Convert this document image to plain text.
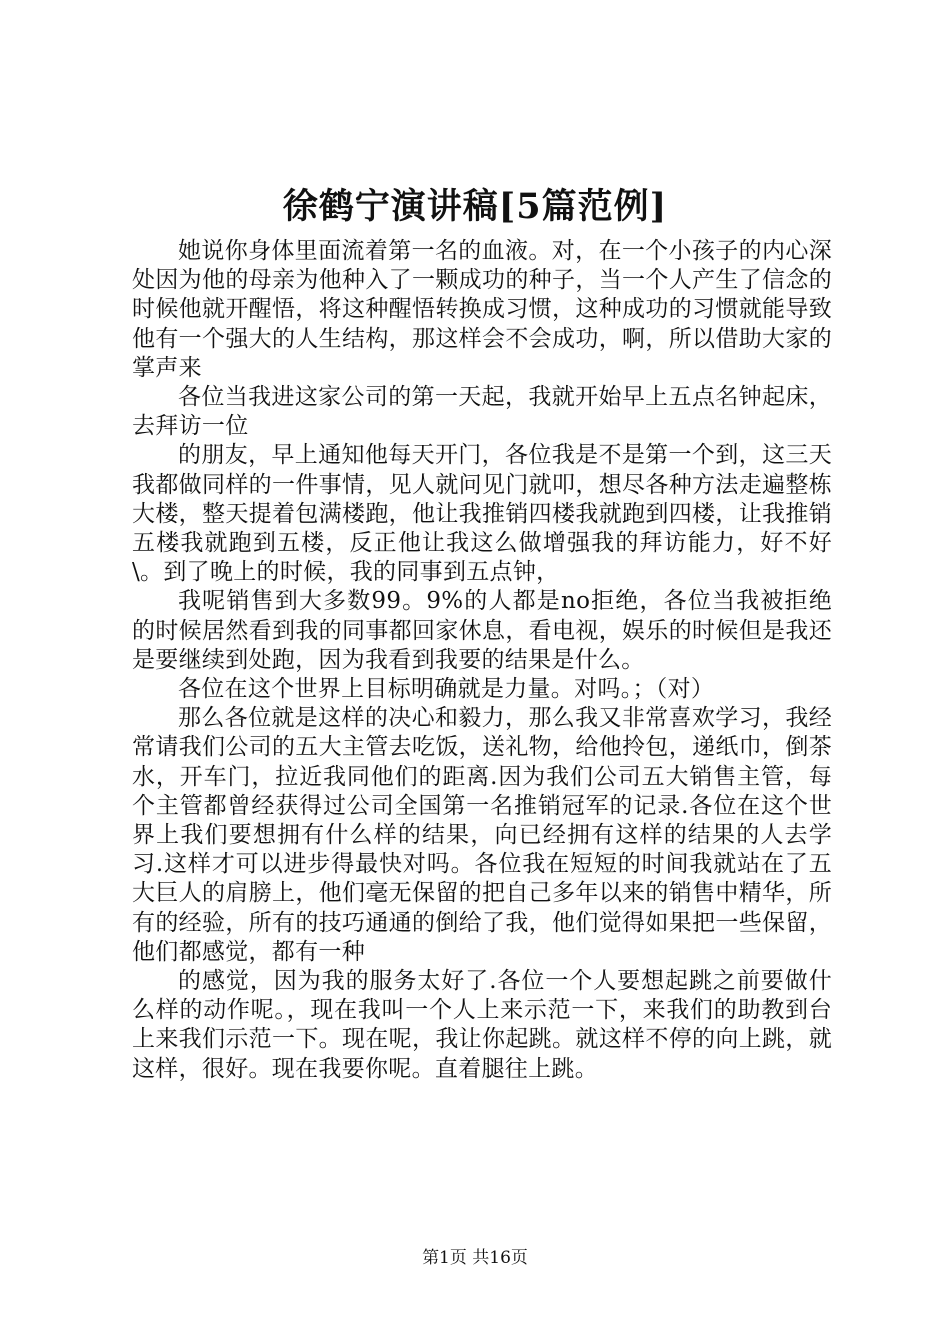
徐鹤宁演讲稿[5篇范例]

她说你身体里面流着第一名的血液。对，在一个小孩子的内心深处因为他的母亲为他种入了一颗成功的种子，当一个人产生了信念的时候他就开醒悟，将这种醒悟转换成习惯，这种成功的习惯就能导致他有一个强大的人生结构，那这样会不会成功，啊，所以借助大家的掌声来

各位当我进这家公司的第一天起，我就开始早上五点名钟起床，去拜访一位

的朋友，早上通知他每天开门，各位我是不是第一个到，这三天我都做同样的一件事情，见人就问见门就叩，想尽各种方法走遍整栋大楼，整天提着包满楼跑，他让我推销四楼我就跑到四楼，让我推销五楼我就跑到五楼，反正他让我这么做增强我的拜访能力，好不好\。到了晚上的时候，我的同事到五点钟，

我呢销售到大多数99。9%的人都是no拒绝，各位当我被拒绝的时候居然看到我的同事都回家休息，看电视，娱乐的时候但是我还是要继续到处跑，因为我看到我要的结果是什么。

各位在这个世界上目标明确就是力量。对吗。；（对）

那么各位就是这样的决心和毅力，那么我又非常喜欢学习，我经常请我们公司的五大主管去吃饭，送礼物，给他拎包，递纸巾，倒茶水，开车门，拉近我同他们的距离.因为我们公司五大销售主管，每个主管都曾经获得过公司全国第一名推销冠军的记录.各位在这个世界上我们要想拥有什么样的结果，向已经拥有这样的结果的人去学习.这样才可以进步得最快对吗。各位我在短短的时间我就站在了五大巨人的肩膀上，他们毫无保留的把自己多年以来的销售中精华，所有的经验，所有的技巧通通的倒给了我，他们觉得如果把一些保留，他们都感觉，都有一种

的感觉，因为我的服务太好了.各位一个人要想起跳之前要做什么样的动作呢。，现在我叫一个人上来示范一下，来我们的助教到台上来我们示范一下。现在呢，我让你起跳。就这样不停的向上跳，就这样，很好。现在我要你呢。直着腿往上跳。

第1页 共16页
